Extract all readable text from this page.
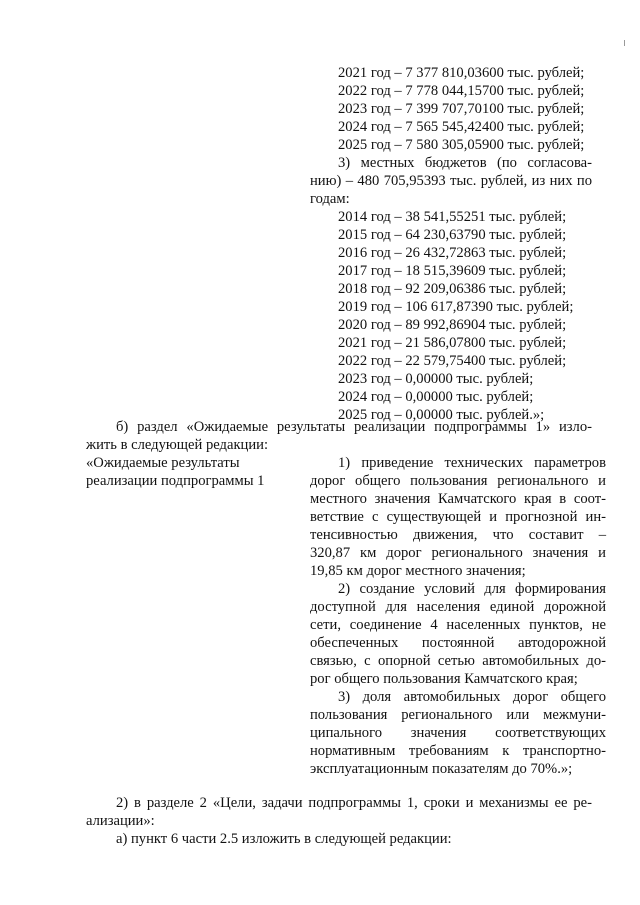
2021 год – 7 377 810,03600 тыс. рублей;
2022 год – 7 778 044,15700 тыс. рублей;
2023 год – 7 399 707,70100 тыс. рублей;
2024 год – 7 565 545,42400 тыс. рублей;
2025 год – 7 580 305,05900 тыс. рублей;
3) местных бюджетов (по согласова-
нию) – 480 705,95393 тыс. рублей, из них по
годам:
2014 год – 38 541,55251 тыс. рублей;
2015 год – 64 230,63790 тыс. рублей;
2016 год – 26 432,72863 тыс. рублей;
2017 год – 18 515,39609 тыс. рублей;
2018 год – 92 209,06386 тыс. рублей;
2019 год – 106 617,87390 тыс. рублей;
2020 год – 89 992,86904 тыс. рублей;
2021 год – 21 586,07800 тыс. рублей;
2022 год – 22 579,75400 тыс. рублей;
2023 год – 0,00000 тыс. рублей;
2024 год – 0,00000 тыс. рублей;
2025 год – 0,00000 тыс. рублей.»;
б) раздел «Ожидаемые результаты реализации подпрограммы 1» изло-
жить в следующей редакции:
«Ожидаемые результаты
реализации подпрограммы 1
1) приведение технических параметров
дорог общего пользования регионального и
местного значения Камчатского края в соот-
ветствие с существующей и прогнозной ин-
тенсивностью движения, что составит –
320,87 км дорог регионального значения и
19,85 км дорог местного значения;
2) создание условий для формирования
доступной для населения единой дорожной
сети, соединение 4 населенных пунктов, не
обеспеченных постоянной автодорожной
связью, с опорной сетью автомобильных до-
рог общего пользования Камчатского края;
3) доля автомобильных дорог общего
пользования регионального или межмуни-
ципального значения соответствующих
нормативным требованиям к транспортно-
эксплуатационным показателям до 70%.»;
2) в разделе 2 «Цели, задачи подпрограммы 1, сроки и механизмы ее ре-
ализации»:
а) пункт 6 части 2.5 изложить в следующей редакции:
